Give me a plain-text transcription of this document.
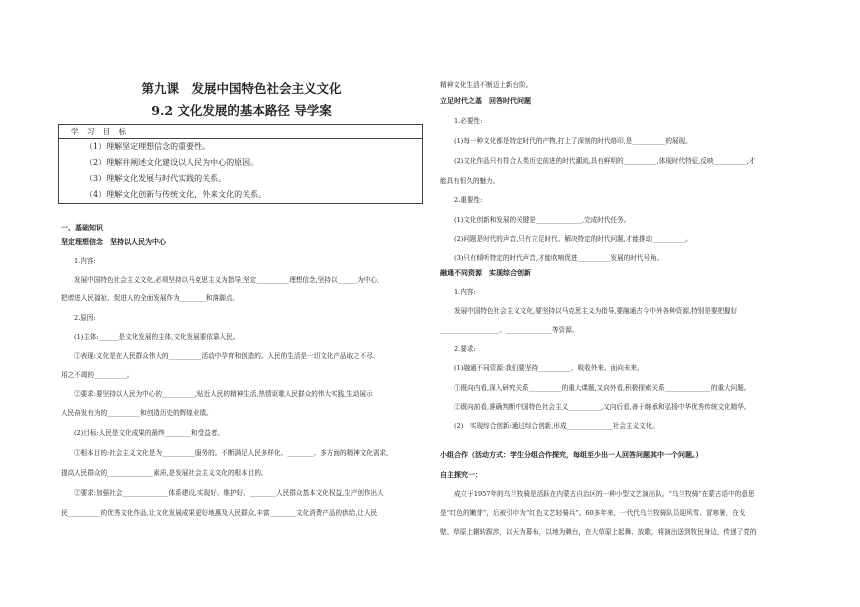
第九课　发展中国特色社会主义文化
9.2 文化发展的基本路径 导学案
学 习 目 标
（1）理解坚定理想信念的重要性。
（2）理解并阐述文化建设以人民为中心的原因。
（3）理解文化发展与时代实践的关系。
（4）理解文化创新与传统文化，外来文化的关系。
一、基础知识
坚定理想信念　坚持以人民为中心
1.内容:
发展中国特色社会主义文化,必须坚持以马克思主义为指导,坚定__________理想信念,坚持以______为中心,
把增进人民福祉、促进人的全面发展作为________和落脚点。
2.原因:
(1)主体:______是文化发展的主体,文化发展要依靠人民。
①表现:文化是在人民群众伟大的__________活动中孕育和创造的。人民的生活是一切文化产品取之不尽、
用之不竭的__________。
②要求:要坚持以人民为中心的__________,贴近人民的精神生活,热情讴歌人民群众的伟大实践,生动展示
人民奋发有为的__________和创造历史的辉煌业绩。
(2)目标:人民是文化成果的最终________和受益者。
①根本目的:社会主义文化是为__________服务的。不断满足人民多样化、________、多方面的精神文化需求,
提高人民群众的______________素质,是发展社会主义文化的根本目的。
②要求:加强社会______________体系建设,实现好、维护好、________人民群众基本文化权益,生产创作出人
民__________的优秀文化作品,让文化发展成果更好地惠及人民群众,丰富________文化消费产品的供给,让人民
精神文化生活不断迈上新台阶。
立足时代之基　回答时代问题
1.必要性:
(1)每一种文化都是特定时代的产物,打上了深刻的时代烙印,是__________的展现。
(2)文化作品只有符合人类历史前进的时代潮流,具有鲜明的__________,体现时代特征,反映__________,才
能具有恒久的魅力。
2.重要性:
(1)文化创新和发展的关键是______________,完成时代任务。
(2)问题是时代的声音,只有立足时代、解决特定的时代问题,才能推动__________。
(3)只有倾听特定的时代声音,才能吹响促进__________发展的时代号角。
融通不同资源　实现综合创新
1.内容:
发展中国特色社会主义文化,要坚持以马克思主义为指导,要融通古今中外各种资源,特别是要把握好
__________________、______________等资源。
2.要求:
(1)融通不同资源:我们要坚持__________、吸收外来、面向未来。
①既向内看,深入研究关系__________的重大课题,又向外看,积极探索关系______________的重大问题。
②既向前看,准确判断中国特色社会主义__________,又向后看,善于继承和弘扬中华优秀传统文化精华。
(2)　实现综合创新:通过综合创新,形成______________社会主义文化。
小组合作（活动方式：学生分组合作探究，每组至少出一人回答问题其中一个问题。）
自主探究一：
成立于1957年的乌兰牧骑是活跃在内蒙古自治区的一种小型文艺演出队。“乌兰牧骑”在蒙古语中的意思
是“红色的嫩芽”，后被引申为“红色文艺轻骑兵”。60多年来，一代代乌兰牧骑队员迎风雪、冒寒暑，在戈
壁、草原上辗转跋涉，以天为幕布，以地为舞台，在大草原上起舞、放歌，将演出送到牧民身边，传递了党的
